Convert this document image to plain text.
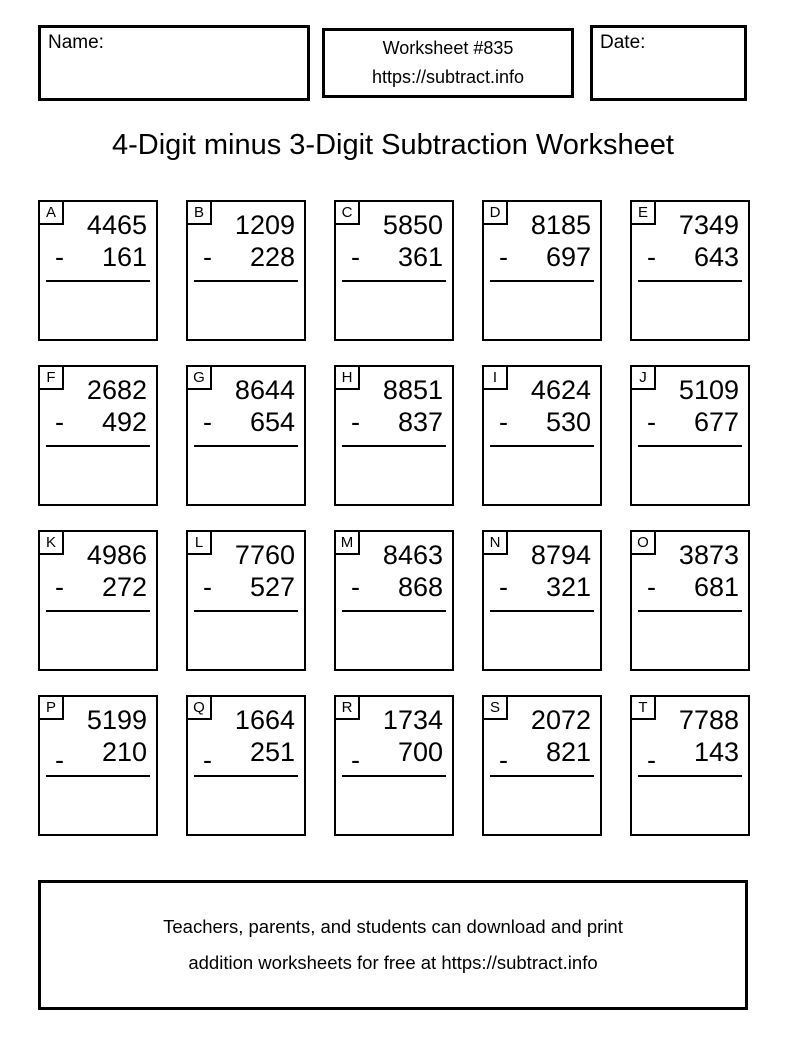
Name:	Worksheet #835
https://subtract.info
Date:
4-Digit minus 3-Digit Subtraction Worksheet
A	4465
- 161
B	1209
- 228
C	5850
- 361
D	8185
- 697
E	7349
- 643
F	2682
- 492
G	8644
- 654
H	8851
- 837
I	4624
- 530
J	5109
- 677
K	4986
- 272
L	7760
- 527
M	8463
- 868
N	8794
- 321
O	3873
- 681
P	5199
- 210
Q	1664
- 251
R	1734
- 700
S	2072
- 821
T	7788
- 143
Teachers, parents, and students can download and print
addition worksheets for free at https://subtract.info
